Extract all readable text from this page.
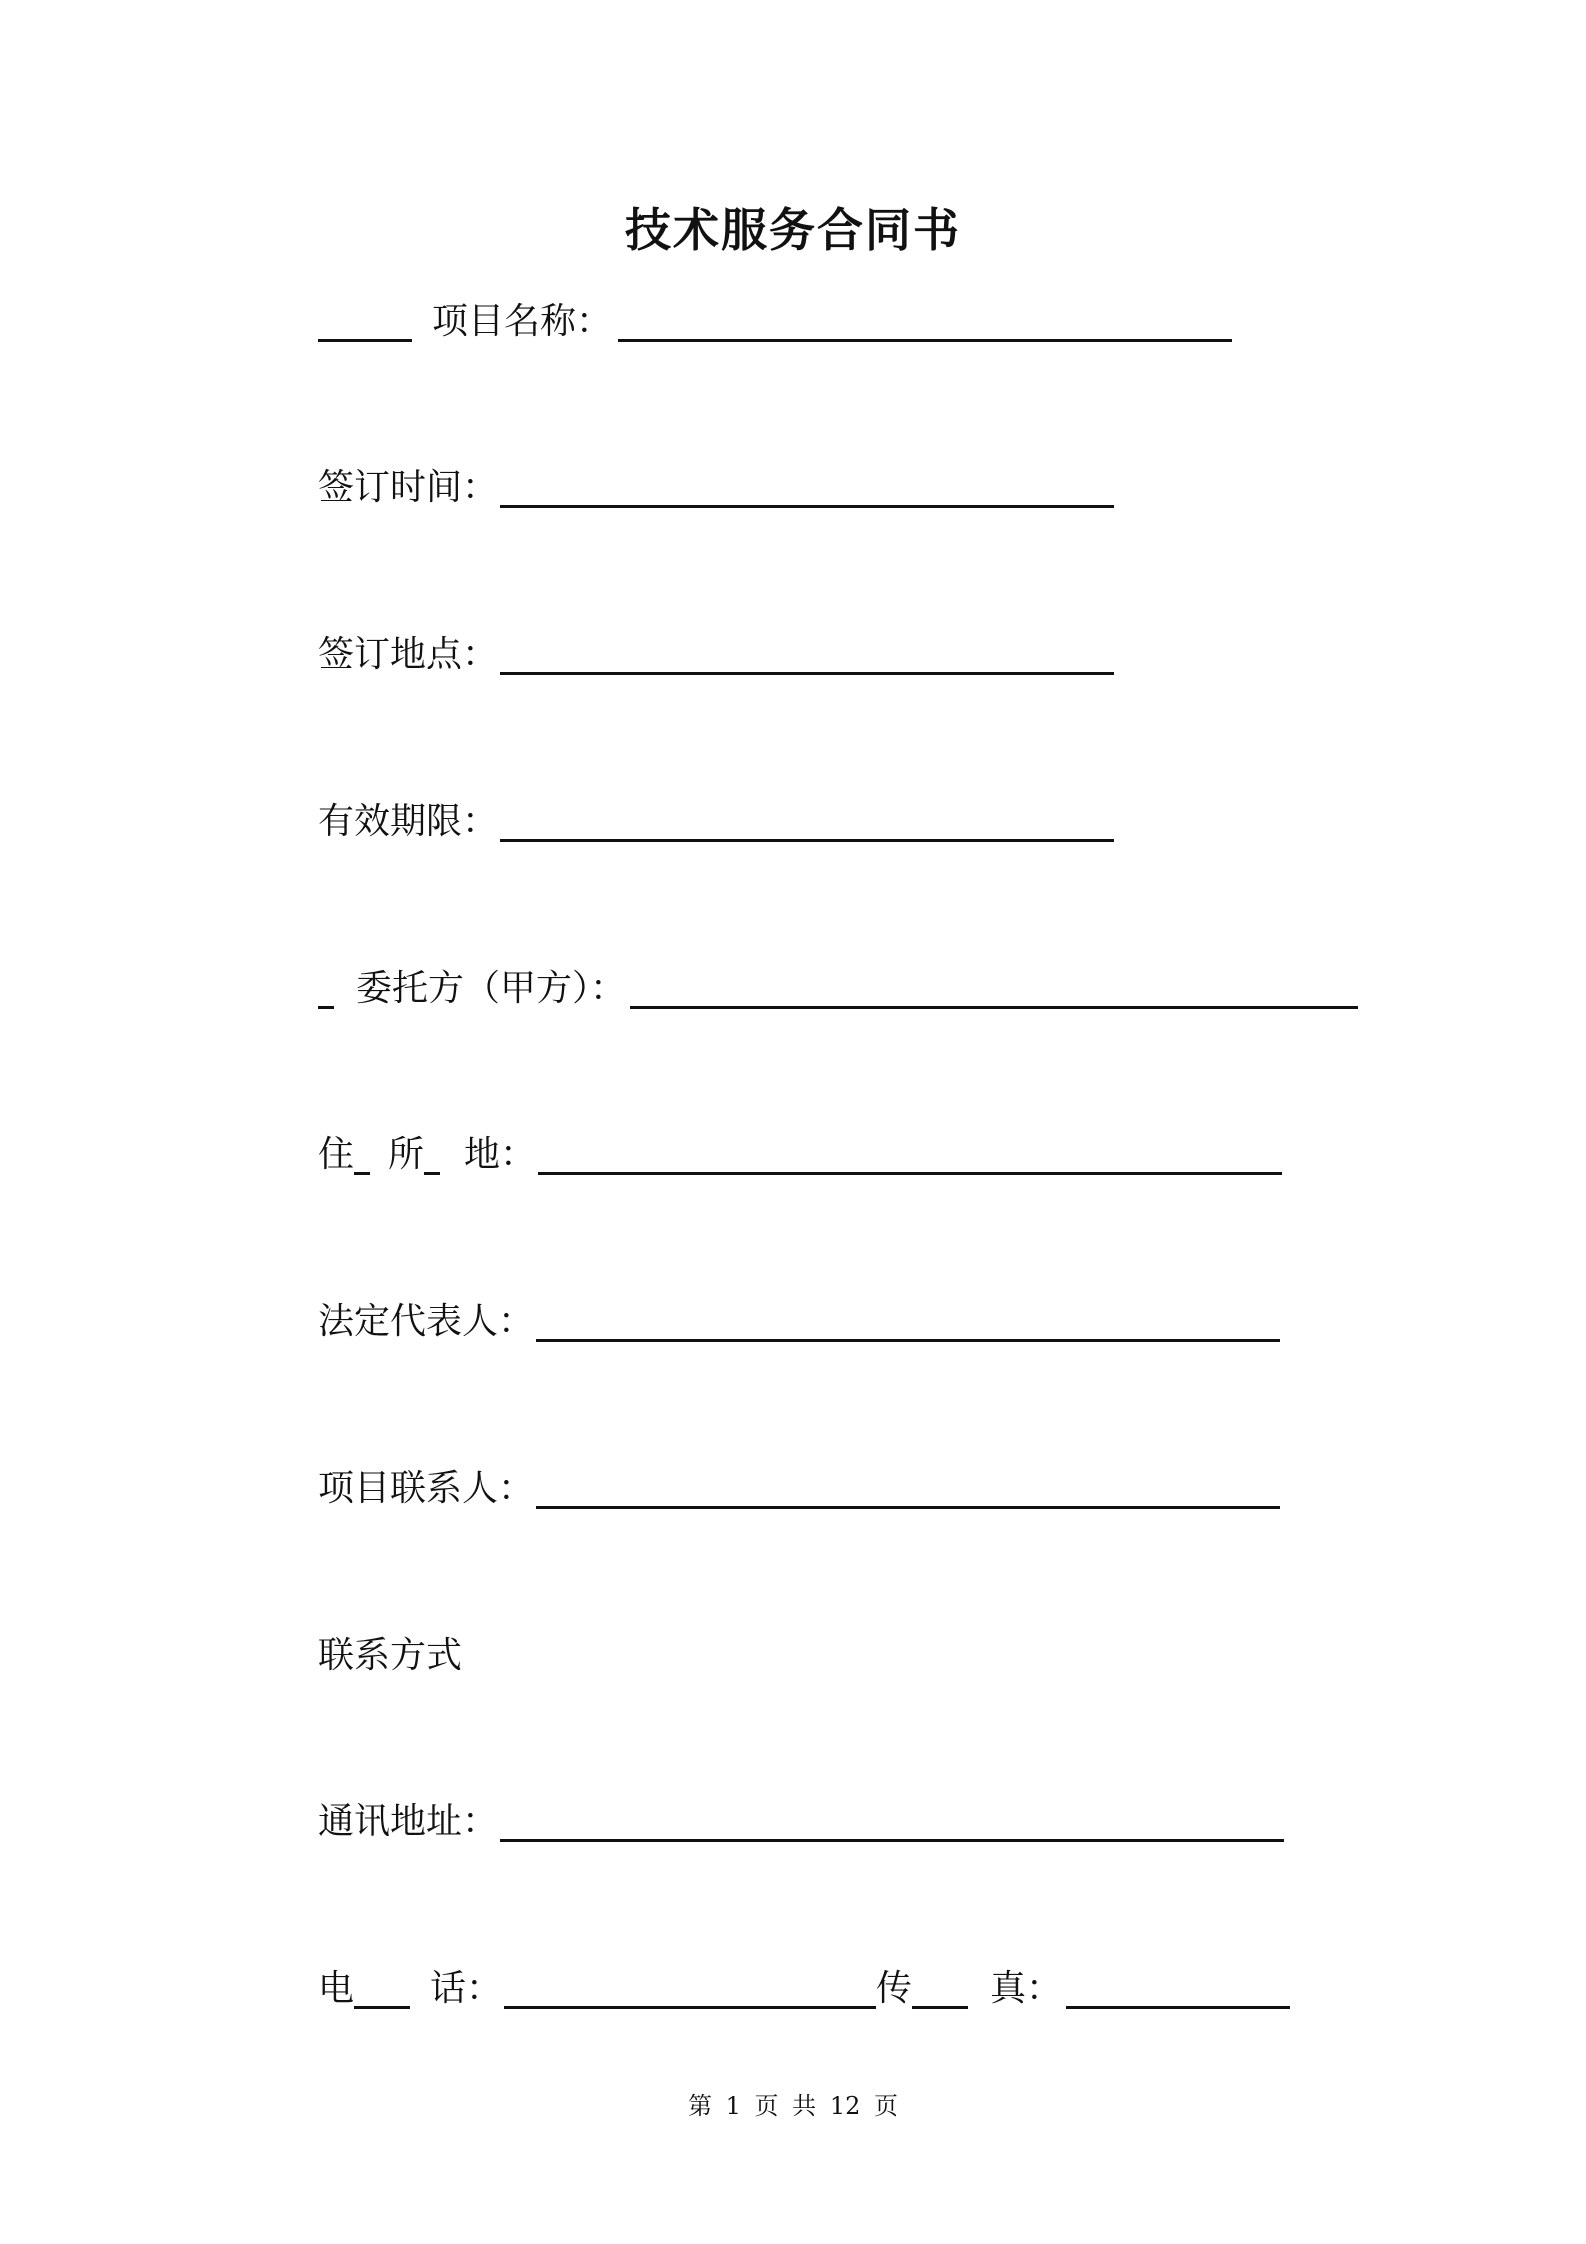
技术服务合同书
项目名称：
签订时间：
签订地点：
有效期限：
委托方（甲方）：
住 所 地：
法定代表人：
项目联系人：
联系方式
通讯地址：
电 话：	传 真：
第 1 页 共 12 页
